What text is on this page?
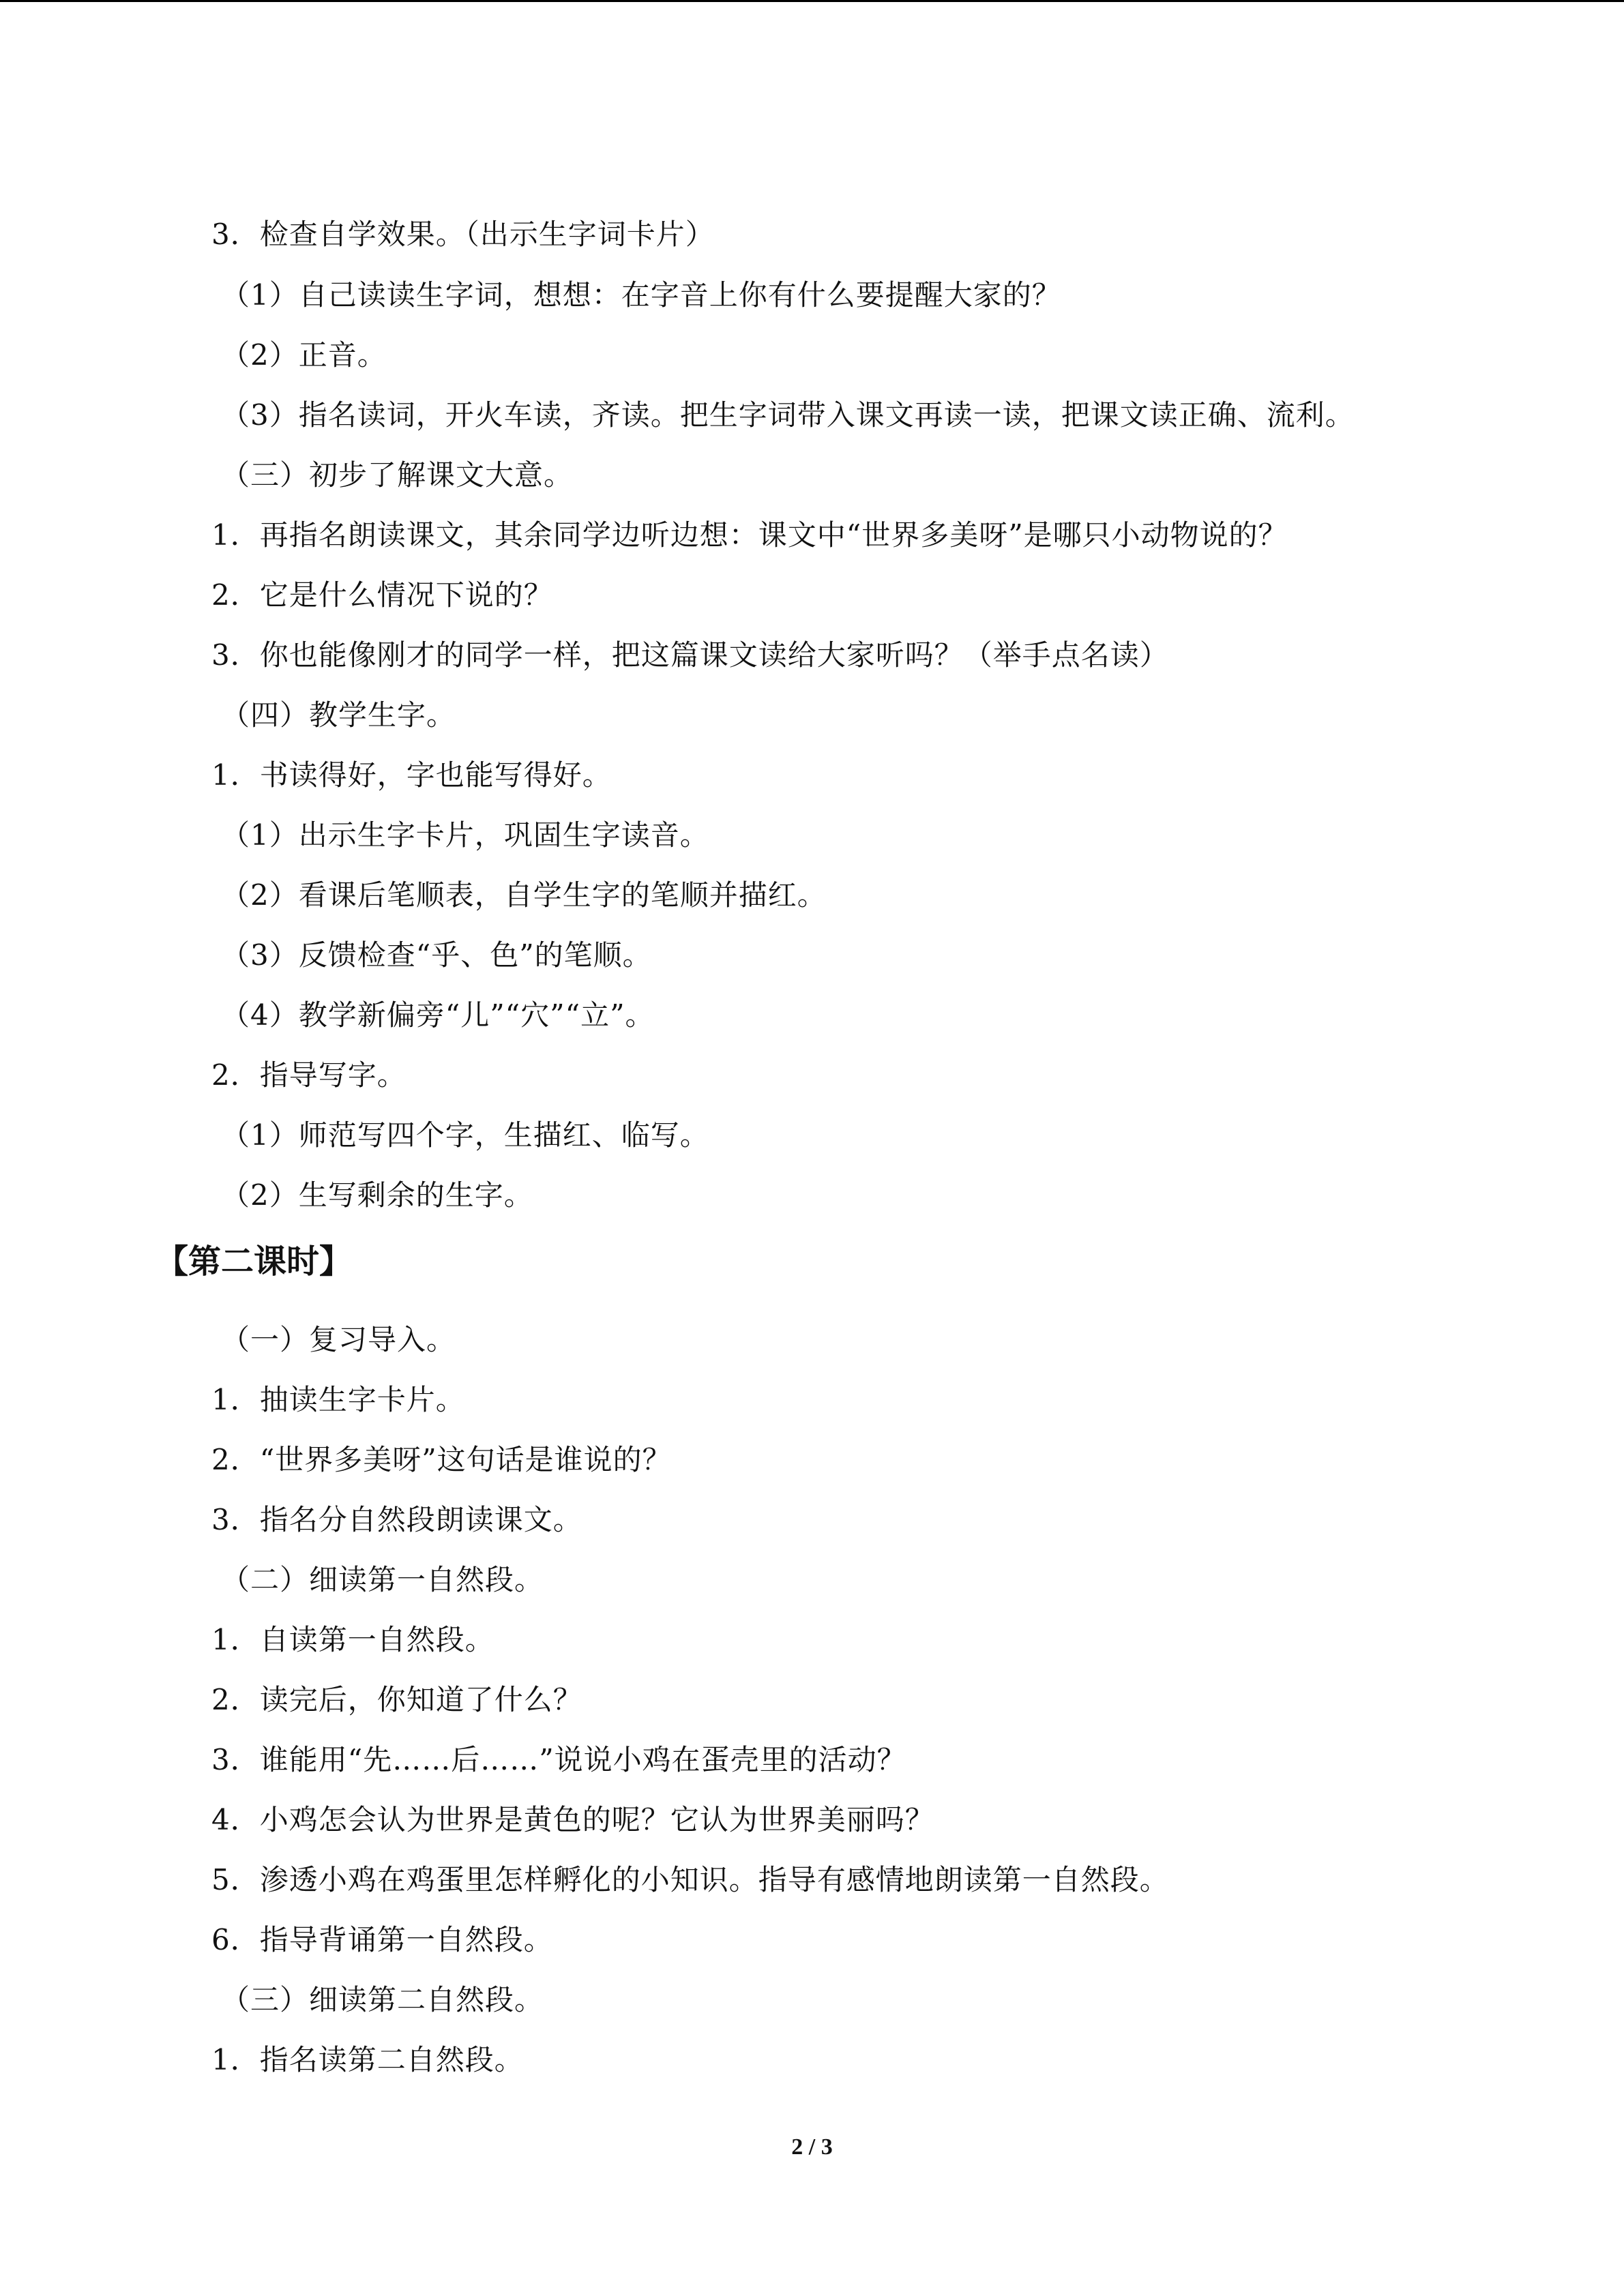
3．检查自学效果。（出示生字词卡片）
（1）自己读读生字词，想想：在字音上你有什么要提醒大家的？
（2）正音。
（3）指名读词，开火车读，齐读。把生字词带入课文再读一读，把课文读正确、流利。
（三）初步了解课文大意。
1．再指名朗读课文，其余同学边听边想：课文中“世界多美呀”是哪只小动物说的？
2．它是什么情况下说的？
3．你也能像刚才的同学一样，把这篇课文读给大家听吗？（举手点名读）
（四）教学生字。
1．书读得好，字也能写得好。
（1）出示生字卡片，巩固生字读音。
（2）看课后笔顺表，自学生字的笔顺并描红。
（3）反馈检查“乎、色”的笔顺。
（4）教学新偏旁“儿”“穴”“立”。
2．指导写字。
（1）师范写四个字，生描红、临写。
（2）生写剩余的生字。
【第二课时】
（一）复习导入。
1．抽读生字卡片。
2．“世界多美呀”这句话是谁说的？
3．指名分自然段朗读课文。
（二）细读第一自然段。
1．自读第一自然段。
2．读完后，你知道了什么？
3．谁能用“先……后……”说说小鸡在蛋壳里的活动？
4．小鸡怎会认为世界是黄色的呢？它认为世界美丽吗？
5．渗透小鸡在鸡蛋里怎样孵化的小知识。指导有感情地朗读第一自然段。
6．指导背诵第一自然段。
（三）细读第二自然段。
1．指名读第二自然段。
2 / 3
